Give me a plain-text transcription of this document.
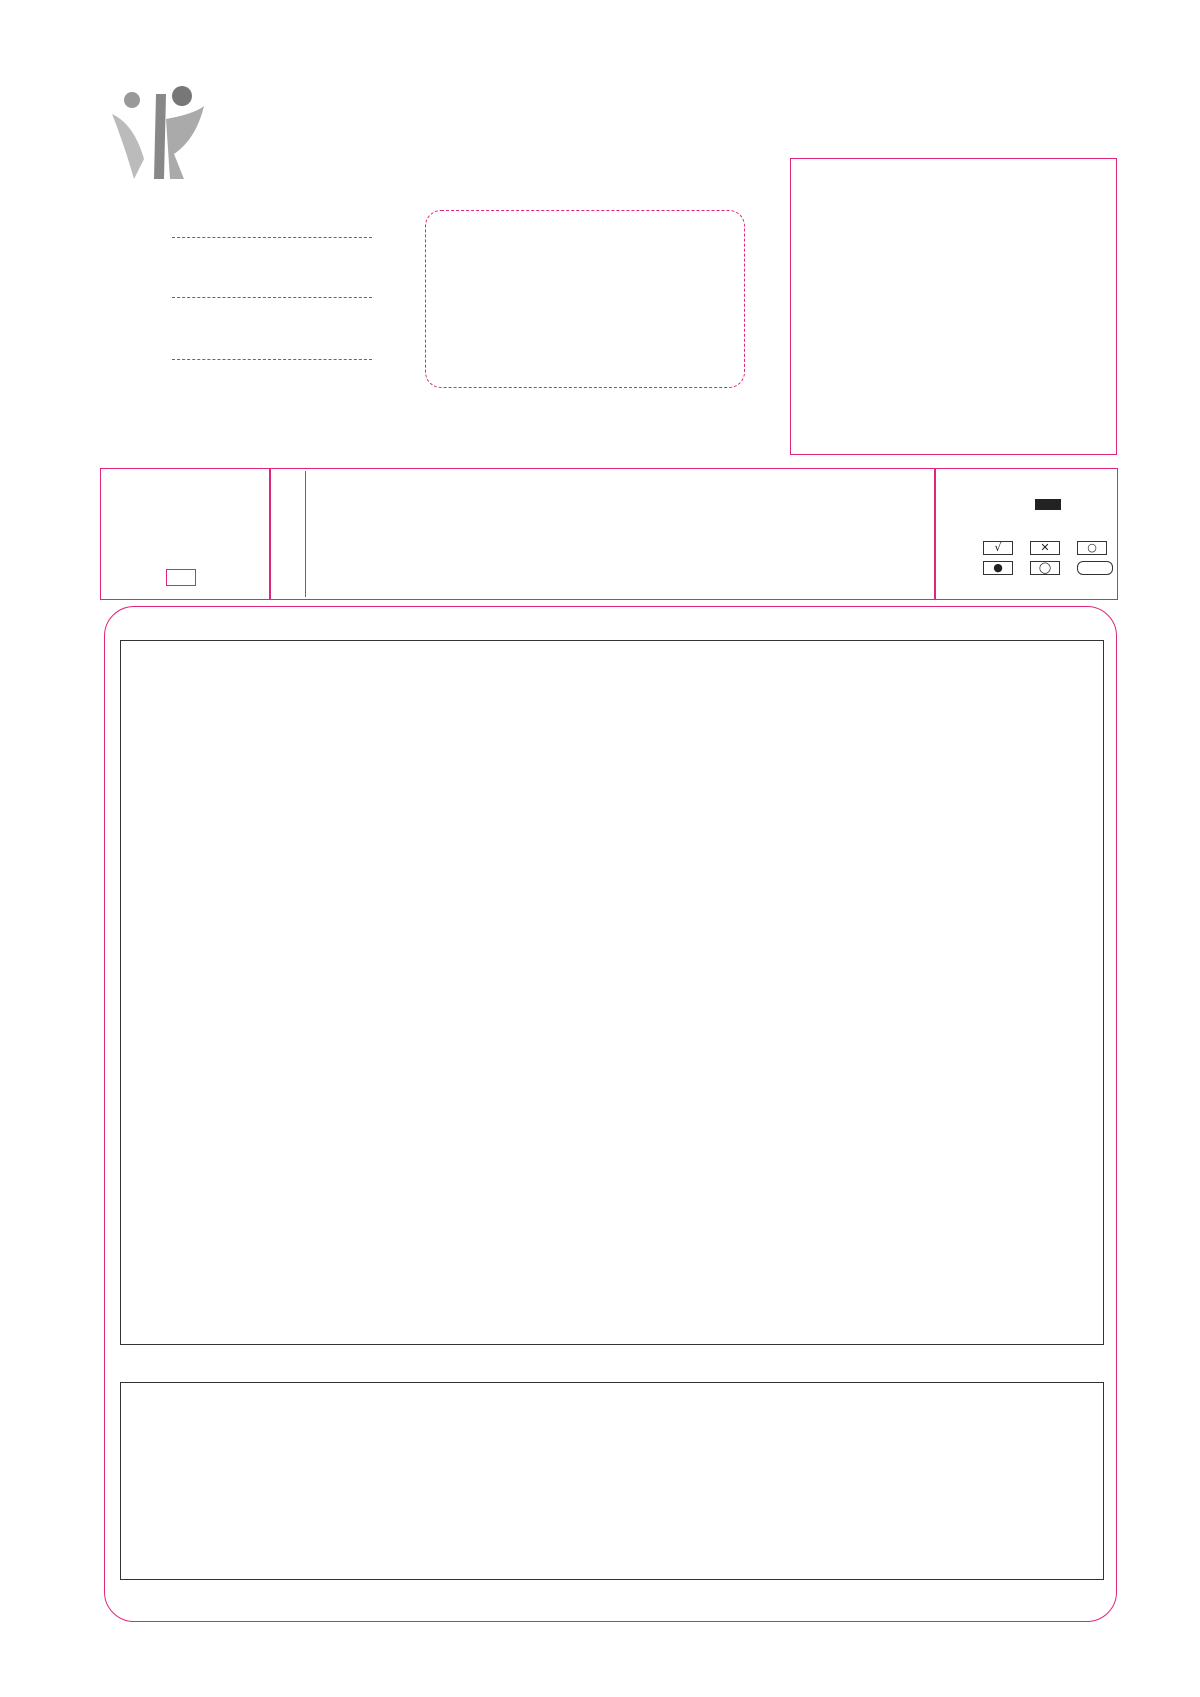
√	✕	○
●	◯
